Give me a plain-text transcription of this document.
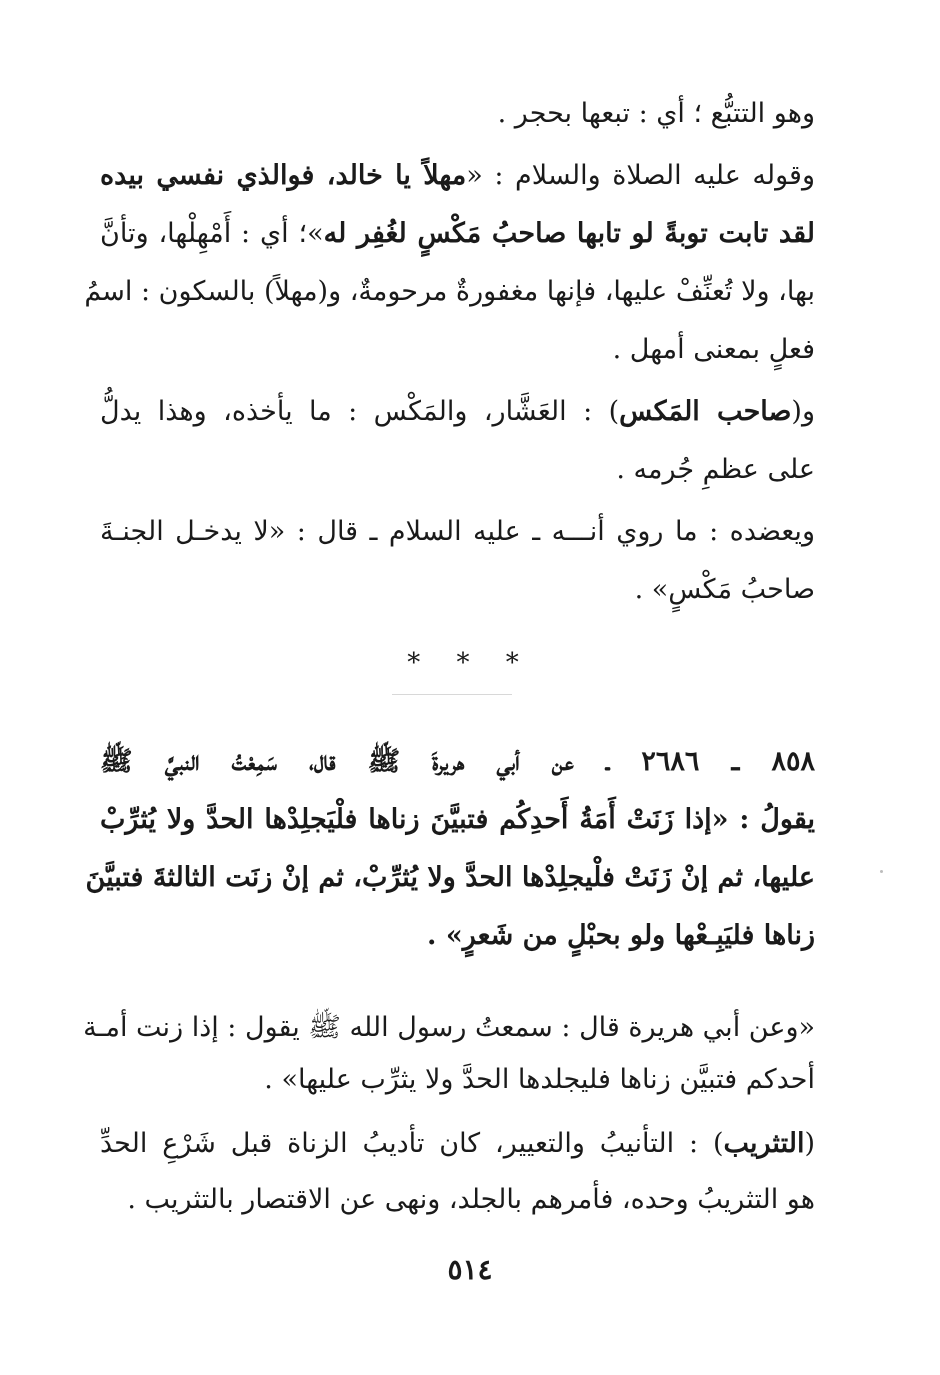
وهو التتبُّع ؛ أي : تبعها بحجر .
وقوله عليه الصلاة والسلام : «مهلاً يا خالد، فوالذي نفسي بيده
لقد تابت توبةً لو تابها صاحبُ مَكْسٍ لغُفِر له»؛ أي : أَمْهِلْها، وتأنَّ
بها، ولا تُعنِّفْ عليها، فإنها مغفورةٌ مرحومةٌ، و(مهلاً) بالسكون : اسمُ
فعلٍ بمعنى أمهل .
و(صاحب المَكس) : العَشَّار، والمَكْس : ما يأخذه، وهذا يدلُّ
على عظمِ جُرمه .
ويعضده : ما روي أنـــه ـ عليه السلام ـ قال : «لا يدخـل الجنـةَ
صاحبُ مَكْسٍ» .
* * *
٨٥٨ ـ ٢٦٨٦ ـ عن أبي هريرةَ ﷺ قال، سَمِعْتُ النبيَّ ﷺ
يقولُ : «إذا زَنَتْ أَمَةُ أَحدِكُم فتبيَّنَ زناها فلْيَجلِدْها الحدَّ ولا يُثرِّبْ
عليها، ثم إنْ زَنَتْ فلْيجلِدْها الحدَّ ولا يُثرِّبْ، ثم إنْ زنَت الثالثةَ فتبيَّنَ
زناها فليَبِـعْها ولو بحبْلٍ من شَعرٍ» .
«وعن أبي هريرة قال : سمعتُ رسول الله ﷺ يقول : إذا زنت أمـة
أحدكم فتبيَّن زناها فليجلدها الحدَّ ولا يثرِّب عليها» .
(التثريب) : التأنيبُ والتعيير، كان تأديبُ الزناة قبل شَرْعِ الحدِّ
هو التثريبُ وحده، فأمرهم بالجلد، ونهى عن الاقتصار بالتثريب .
٥١٤
